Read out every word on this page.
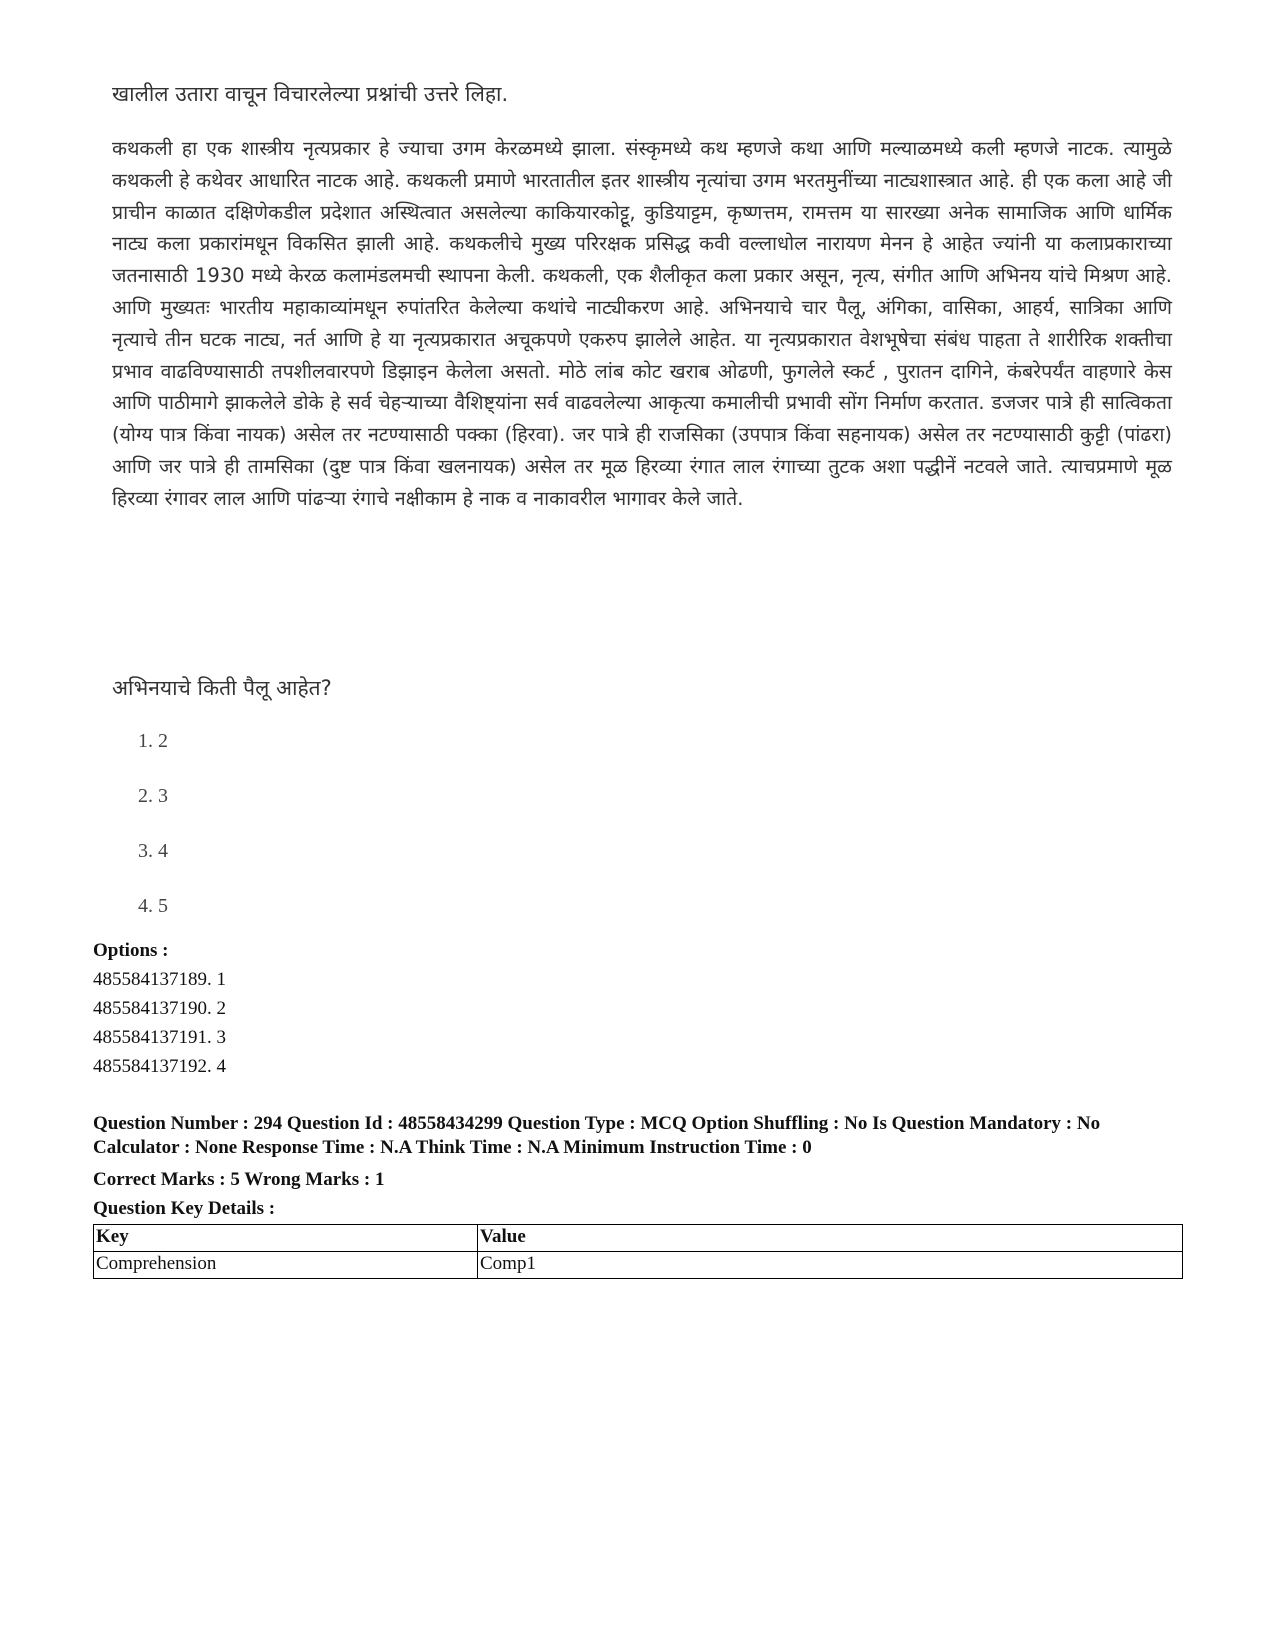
खालील उतारा वाचून विचारलेल्या प्रश्नांची उत्तरे लिहा.

कथकली हा एक शास्त्रीय नृत्यप्रकार हे ज्याचा उगम केरळमध्ये झाला. संस्कृमध्ये कथ म्हणजे कथा आणि मल्याळमध्ये कली म्हणजे नाटक. त्यामुळे कथकली हे कथेवर आधारित नाटक आहे. कथकली प्रमाणे भारतातील इतर शास्त्रीय नृत्यांचा उगम भरतमुनींच्या नाट्यशास्त्रात आहे. ही एक कला आहे जी प्राचीन काळात दक्षिणेकडील प्रदेशात अस्थित्वात असलेल्या काकियारकोट्टू, कुडियाट्टम, कृष्णत्तम, रामत्तम या सारख्या अनेक सामाजिक आणि धार्मिक नाट्य कला प्रकारांमधून विकसित झाली आहे. कथकलीचे मुख्य परिरक्षक प्रसिद्ध कवी वल्लाधोल नारायण मेनन हे आहेत ज्यांनी या कलाप्रकाराच्या जतनासाठी 1930 मध्ये केरळ कलामंडलमची स्थापना केली. कथकली, एक शैलीकृत कला प्रकार असून, नृत्य, संगीत आणि अभिनय यांचे मिश्रण आहे. आणि मुख्यतः भारतीय महाकाव्यांमधून रुपांतरित केलेल्या कथांचे नाट्यीकरण आहे. अभिनयाचे चार पैलू, अंगिका, वासिका, आहर्य, सात्रिका आणि नृत्याचे तीन घटक नाट्य, नर्त आणि हे या नृत्यप्रकारात अचूकपणे एकरुप झालेले आहेत. या नृत्यप्रकारात वेशभूषेचा संबंध पाहता ते शारीरिक शक्तीचा प्रभाव वाढविण्यासाठी तपशीलवारपणे डिझाइन केलेला असतो. मोठे लांब कोट खराब ओढणी, फुगलेले स्कर्ट , पुरातन दागिने, कंबरेपर्यंत वाहणारे केस आणि पाठीमागे झाकलेले डोके हे सर्व चेहऱ्याच्या वैशिष्ट्यांना सर्व वाढवलेल्या आकृत्या कमालीची प्रभावी सोंग निर्माण करतात. डजजर पात्रे ही सात्विकता (योग्य पात्र किंवा नायक) असेल तर नटण्यासाठी पक्का (हिरवा). जर पात्रे ही राजसिका (उपपात्र किंवा सहनायक) असेल तर नटण्यासाठी कुट्टी (पांढरा) आणि जर पात्रे ही तामसिका (दुष्ट पात्र किंवा खलनायक) असेल तर मूळ हिरव्या रंगात लाल रंगाच्या तुटक अशा पद्धीनें नटवले जाते. त्याचप्रमाणे मूळ हिरव्या रंगावर लाल आणि पांढऱ्या रंगाचे नक्षीकाम हे नाक व नाकावरील भागावर केले जाते.

अभिनयाचे किती पैलू आहेत?

1. 2
2. 3
3. 4
4. 5
Options :
485584137189. 1
485584137190. 2
485584137191. 3
485584137192. 4
Question Number : 294 Question Id : 48558434299 Question Type : MCQ Option Shuffling : No Is Question Mandatory : No Calculator : None Response Time : N.A Think Time : N.A Minimum Instruction Time : 0
Correct Marks : 5 Wrong Marks : 1
Question Key Details :
Key	Value
Comprehension	Comp1
